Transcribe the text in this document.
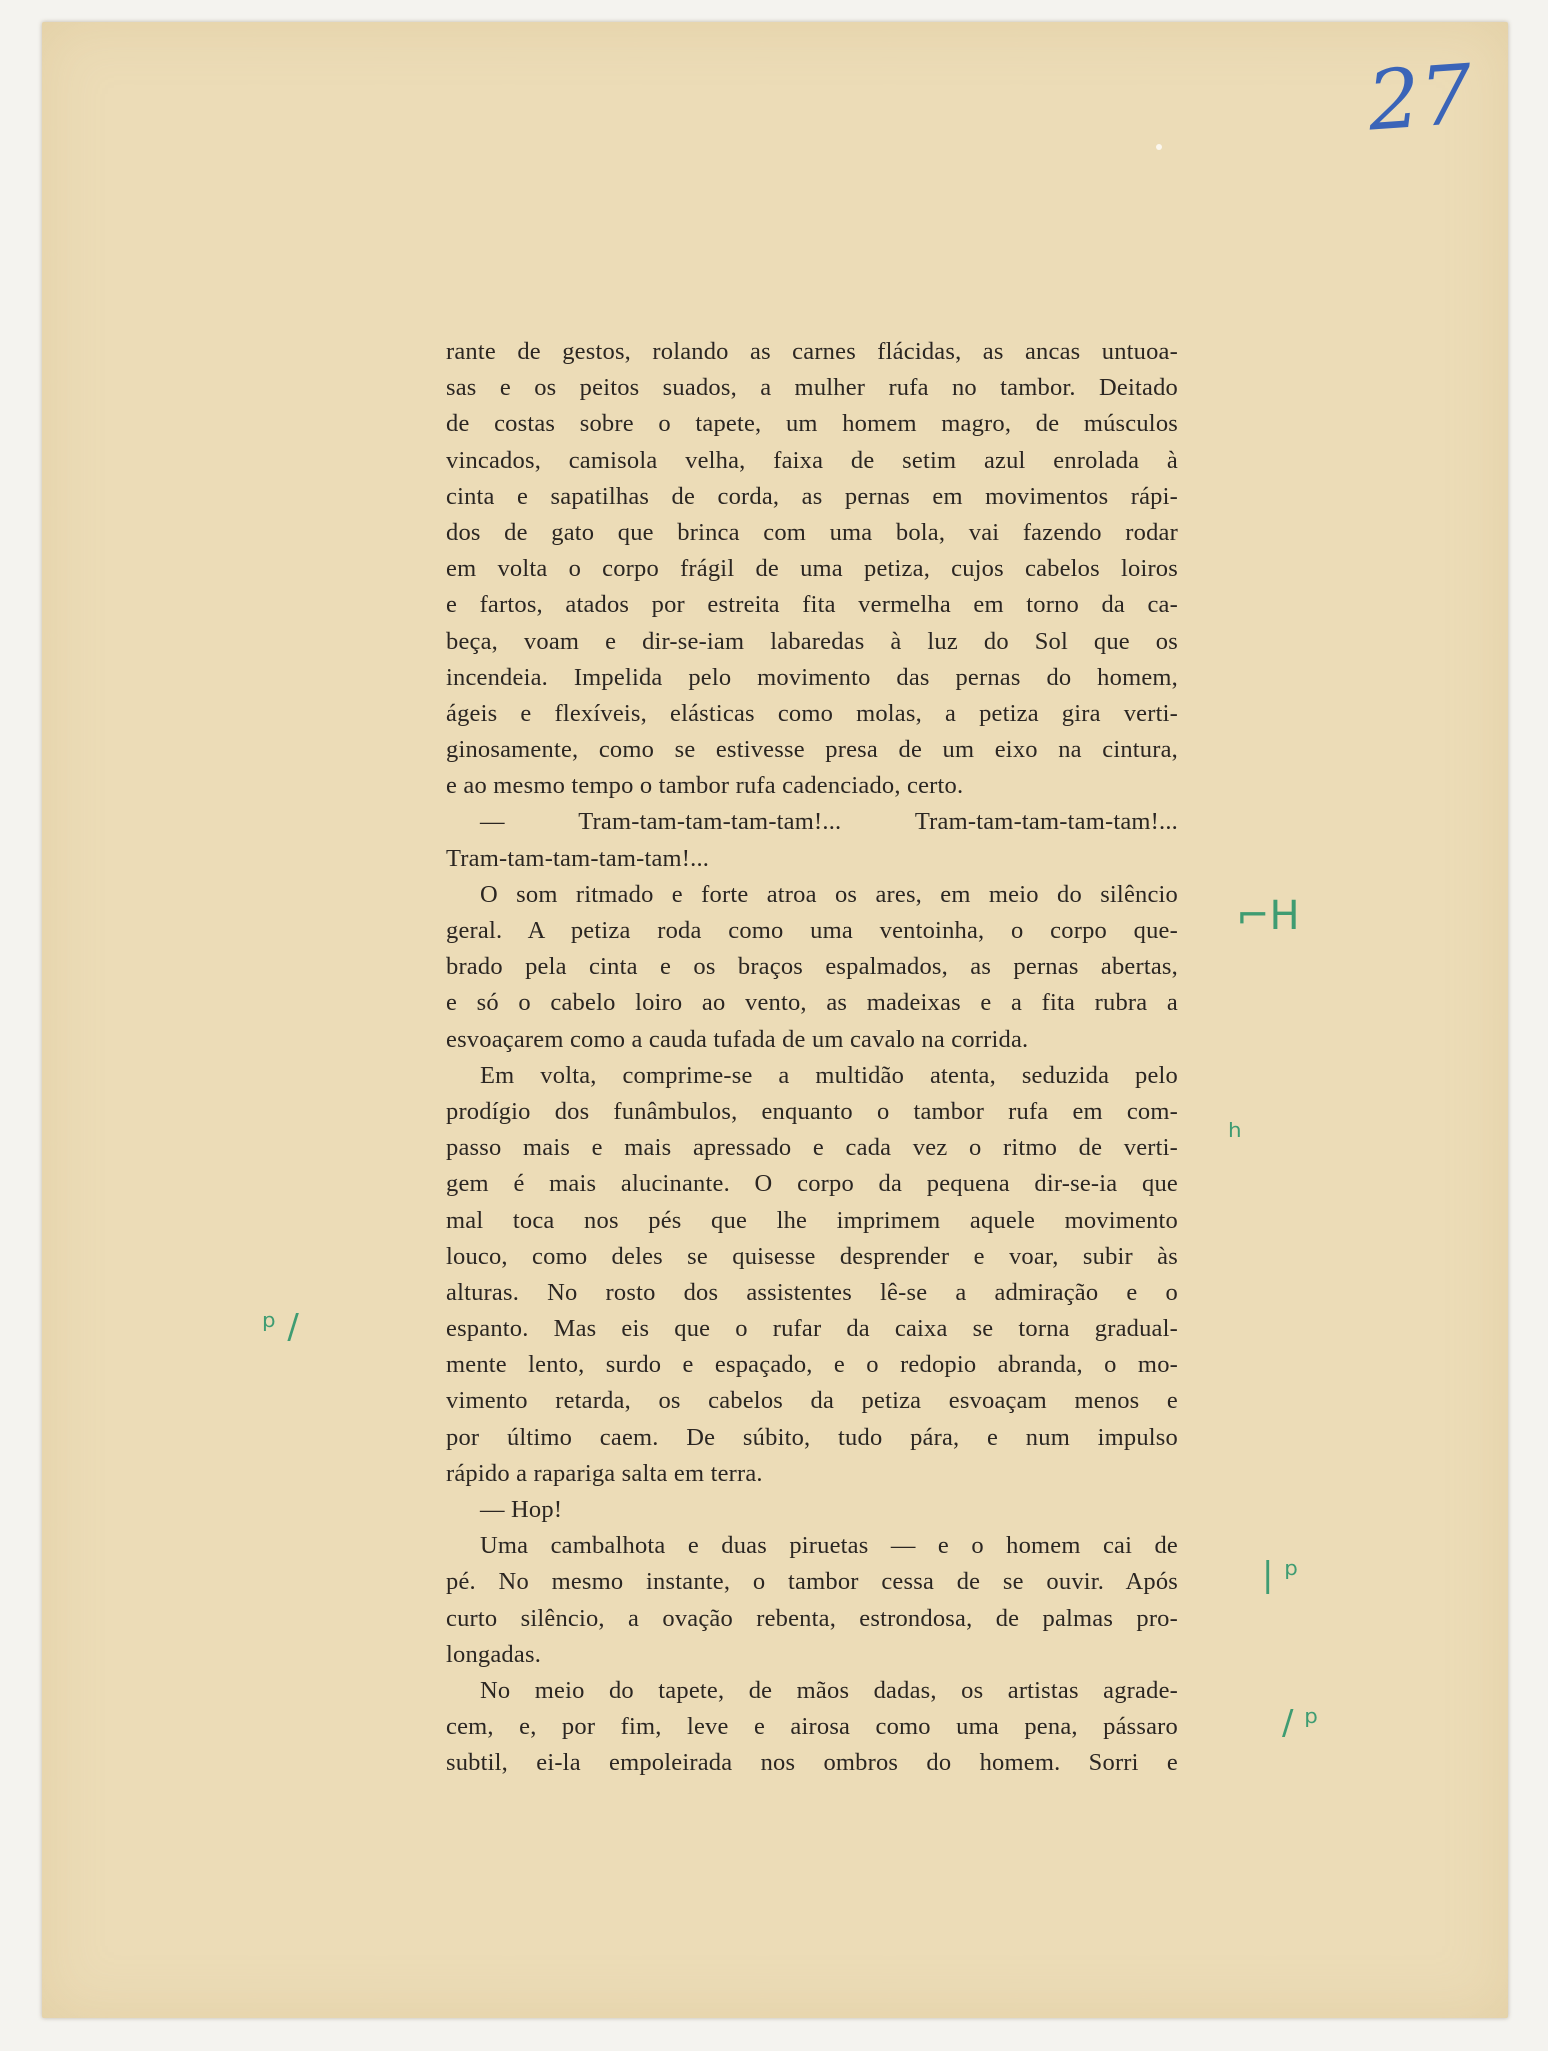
27
rante de gestos, rolando as carnes flácidas, as ancas untuoa-
sas e os peitos suados, a mulher rufa no tambor. Deitado
de costas sobre o tapete, um homem magro, de músculos
vincados, camisola velha, faixa de setim azul enrolada à
cinta e sapatilhas de corda, as pernas em movimentos rápi-
dos de gato que brinca com uma bola, vai fazendo rodar
em volta o corpo frágil de uma petiza, cujos cabelos loiros
e fartos, atados por estreita fita vermelha em torno da ca-
beça, voam e dir-se-iam labaredas à luz do Sol que os
incendeia. Impelida pelo movimento das pernas do homem,
ágeis e flexíveis, elásticas como molas, a petiza gira verti-
ginosamente, como se estivesse presa de um eixo na cintura,
e ao mesmo tempo o tambor rufa cadenciado, certo.
— Tram-tam-tam-tam-tam!... Tram-tam-tam-tam-tam!...
Tram-tam-tam-tam-tam!...
O som ritmado e forte atroa os ares, em meio do silêncio
geral. A petiza roda como uma ventoinha, o corpo que-
brado pela cinta e os braços espalmados, as pernas abertas,
e só o cabelo loiro ao vento, as madeixas e a fita rubra a
esvoaçarem como a cauda tufada de um cavalo na corrida.
Em volta, comprime-se a multidão atenta, seduzida pelo
prodígio dos funâmbulos, enquanto o tambor rufa em com-
passo mais e mais apressado e cada vez o ritmo de verti-
gem é mais alucinante. O corpo da pequena dir-se-ia que
mal toca nos pés que lhe imprimem aquele movimento
louco, como deles se quisesse desprender e voar, subir às
alturas. No rosto dos assistentes lê-se a admiração e o
espanto. Mas eis que o rufar da caixa se torna gradual-
mente lento, surdo e espaçado, e o redopio abranda, o mo-
vimento retarda, os cabelos da petiza esvoaçam menos e
por último caem. De súbito, tudo pára, e num impulso
rápido a rapariga salta em terra.
— Hop!
Uma cambalhota e duas piruetas — e o homem cai de
pé. No mesmo instante, o tambor cessa de se ouvir. Após
curto silêncio, a ovação rebenta, estrondosa, de palmas pro-
longadas.
No meio do tapete, de mãos dadas, os artistas agrade-
cem, e, por fim, leve e airosa como uma pena, pássaro
subtil, ei-la empoleirada nos ombros do homem. Sorri e
⌐H
ʰ
ᵖ /
| ᵖ
/ ᵖ
